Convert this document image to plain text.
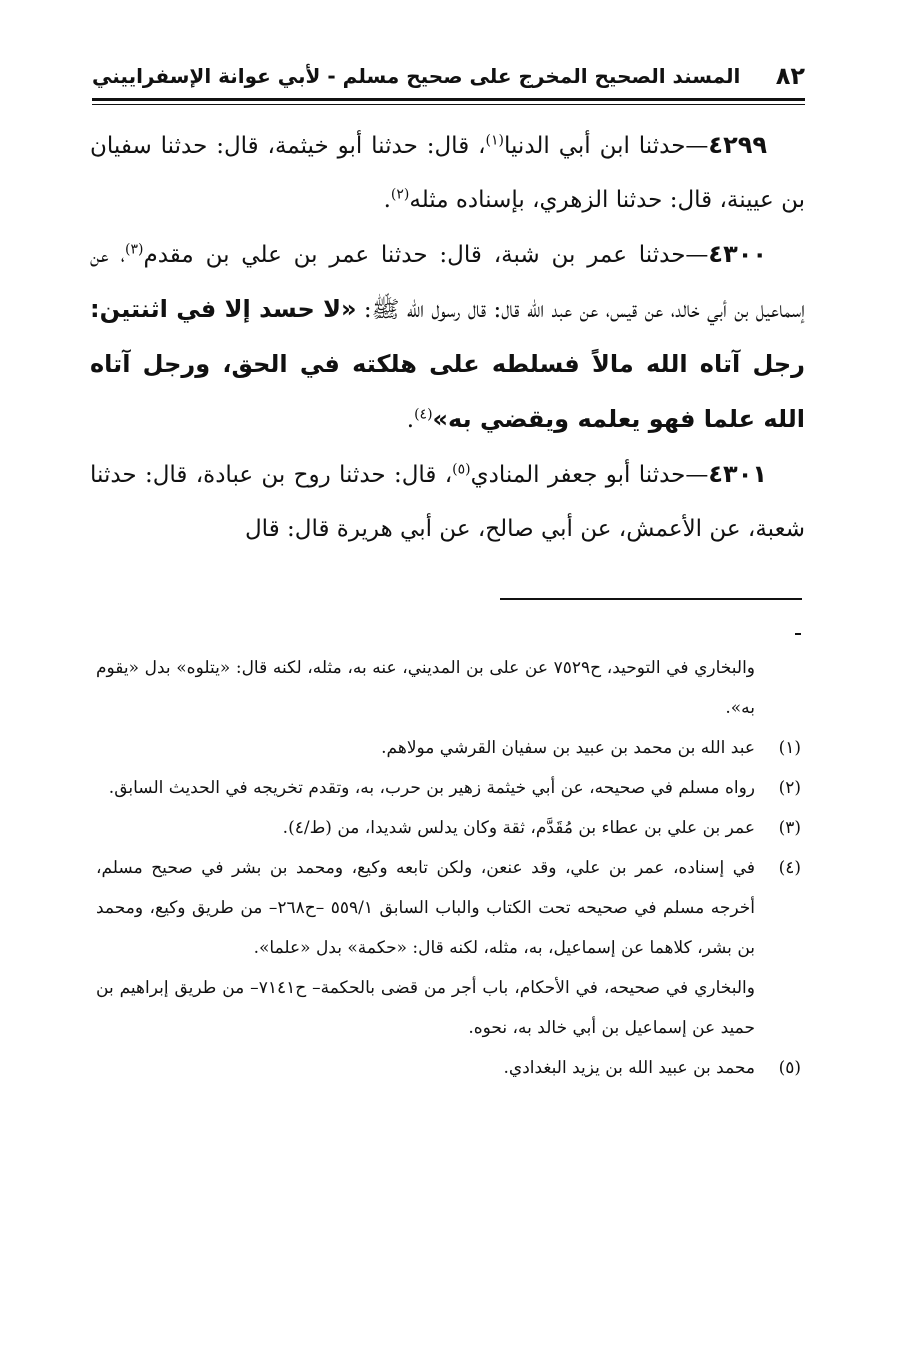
٨٢
المسند الصحيح المخرج على صحيح مسلم - لأبي عوانة الإسفراييني

٤٢٩٩—حدثنا ابن أبي الدنيا$^{(١)}$، قال: حدثنا أبو خيثمة، قال: حدثنا سفيان بن عيينة، قال: حدثنا الزهري، بإسناده مثله$^{(٢)}$.

٤٣٠٠—حدثنا عمر بن شبة، قال: حدثنا عمر بن علي بن مقدم$^{(٣)}$، عن إسماعيل بن أبي خالد، عن قيس، عن عبد الله قال: قال رسول الله ﷺ: «لا حسد إلا في اثنتين: رجل آتاه الله مالاً فسلطه على هلكته في الحق، ورجل آتاه الله علما فهو يعلمه ويقضي به»$^{(٤)}$.

٤٣٠١—حدثنا أبو جعفر المنادي$^{(٥)}$، قال: حدثنا روح بن عبادة، قال: حدثنا شعبة، عن الأعمش، عن أبي صالح، عن أبي هريرة قال: قال

والبخاري في التوحيد، ح٧٥٢٩ عن على بن المديني، عنه به، مثله، لكنه قال: «يتلوه» بدل «يقوم به».
(١)
عبد الله بن محمد بن عبيد بن سفيان القرشي مولاهم.
(٢)
رواه مسلم في صحيحه، عن أبي خيثمة زهير بن حرب، به، وتقدم تخريجه في الحديث السابق.
(٣)
عمر بن علي بن عطاء بن مُقَدَّم، ثقة وكان يدلس شديدا، من (ط/٤).
(٤)
في إسناده، عمر بن علي، وقد عنعن، ولكن تابعه وكيع، ومحمد بن بشر في صحيح مسلم، أخرجه مسلم في صحيحه تحت الكتاب والباب السابق ٥٥٩/١ –ح٢٦٨– من طريق وكيع، ومحمد بن بشر، كلاهما عن إسماعيل، به، مثله، لكنه قال: «حكمة» بدل «علما».
والبخاري في صحيحه، في الأحكام، باب أجر من قضى بالحكمة– ح٧١٤١– من طريق إبراهيم بن حميد عن إسماعيل بن أبي خالد به، نحوه.
(٥)
محمد بن عبيد الله بن يزيد البغدادي.
